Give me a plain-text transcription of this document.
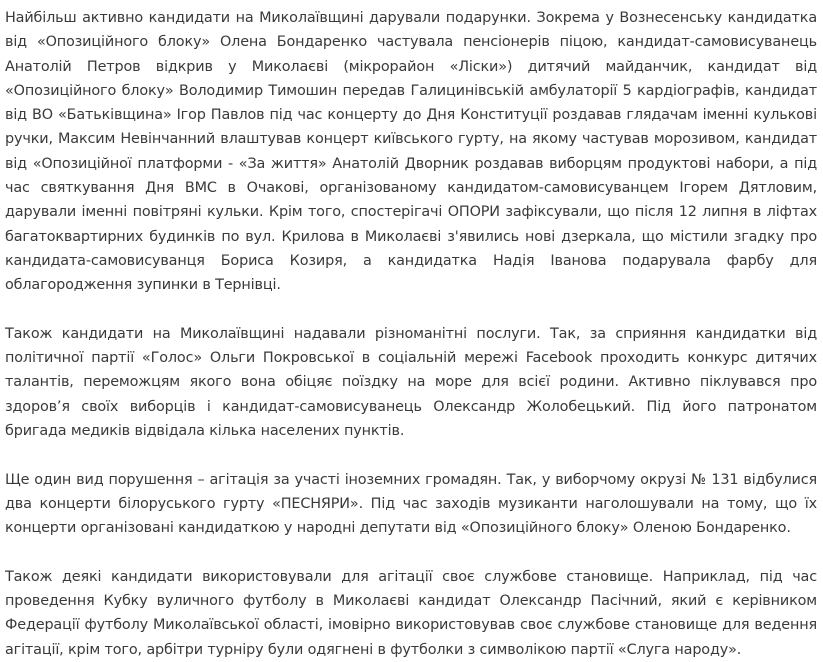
Найбільш активно кандидати на Миколаївщині дарували подарунки. Зокрема у Вознесенську кандидатка від «Опозиційного блоку» Олена Бондаренко частувала пенсіонерів піцою, кандидат-самовисуванець Анатолій Петров відкрив у Миколаєві (мікрорайон «Ліски») дитячий майданчик, кандидат від «Опозиційного блоку» Володимир Тимошин передав Галицинівській амбулаторії 5 кардіографів, кандидат від ВО «Батьківщина» Ігор Павлов під час концерту до Дня Конституції роздавав глядачам іменні кулькові ручки, Максим Невінчанний влаштував концерт київського гурту, на якому частував морозивом, кандидат від «Опозиційної платформи - «За життя» Анатолій Дворник роздавав виборцям продуктові набори, а під час святкування Дня ВМС в Очакові, організованому кандидатом-самовисуванцем Ігорем Дятловим, дарували іменні повітряні кульки. Крім того, спостерігачі ОПОРИ зафіксували, що після 12 липня в ліфтах багатоквартирних будинків по вул. Крилова в Миколаєві з'явились нові дзеркала, що містили згадку про кандидата-самовисуванця Бориса Козиря, а кандидатка Надія Іванова подарувала фарбу для облагородження зупинки в Тернівці.

Також кандидати на Миколаївщині надавали різноманітні послуги. Так, за сприяння кандидатки від політичної партії «Голос» Ольги Покровської в соціальній мережі Facebook проходить конкурс дитячих талантів, переможцям якого вона обіцяє поїздку на море для всієї родини. Активно піклувався про здоров’я своїх виборців і кандидат-самовисуванець Олександр Жолобецький. Під його патронатом бригада медиків відвідала кілька населених пунктів.

Ще один вид порушення – агітація за участі іноземних громадян. Так, у виборчому окрузі № 131 відбулися два концерти білоруського гурту «ПЕСНЯРИ». Під час заходів музиканти наголошували на тому, що їх концерти організовані кандидаткою у народні депутати від «Опозиційного блоку» Оленою Бондаренко.

Також деякі кандидати використовували для агітації своє службове становище. Наприклад, під час проведення Кубку вуличного футболу в Миколаєві кандидат Олександр Пасічний, який є керівником Федерації футболу Миколаївської області, імовірно використовував своє службове становище для ведення агітації, крім того, арбітри турніру були одягнені в футболки з символікою партії «Слуга народу».
